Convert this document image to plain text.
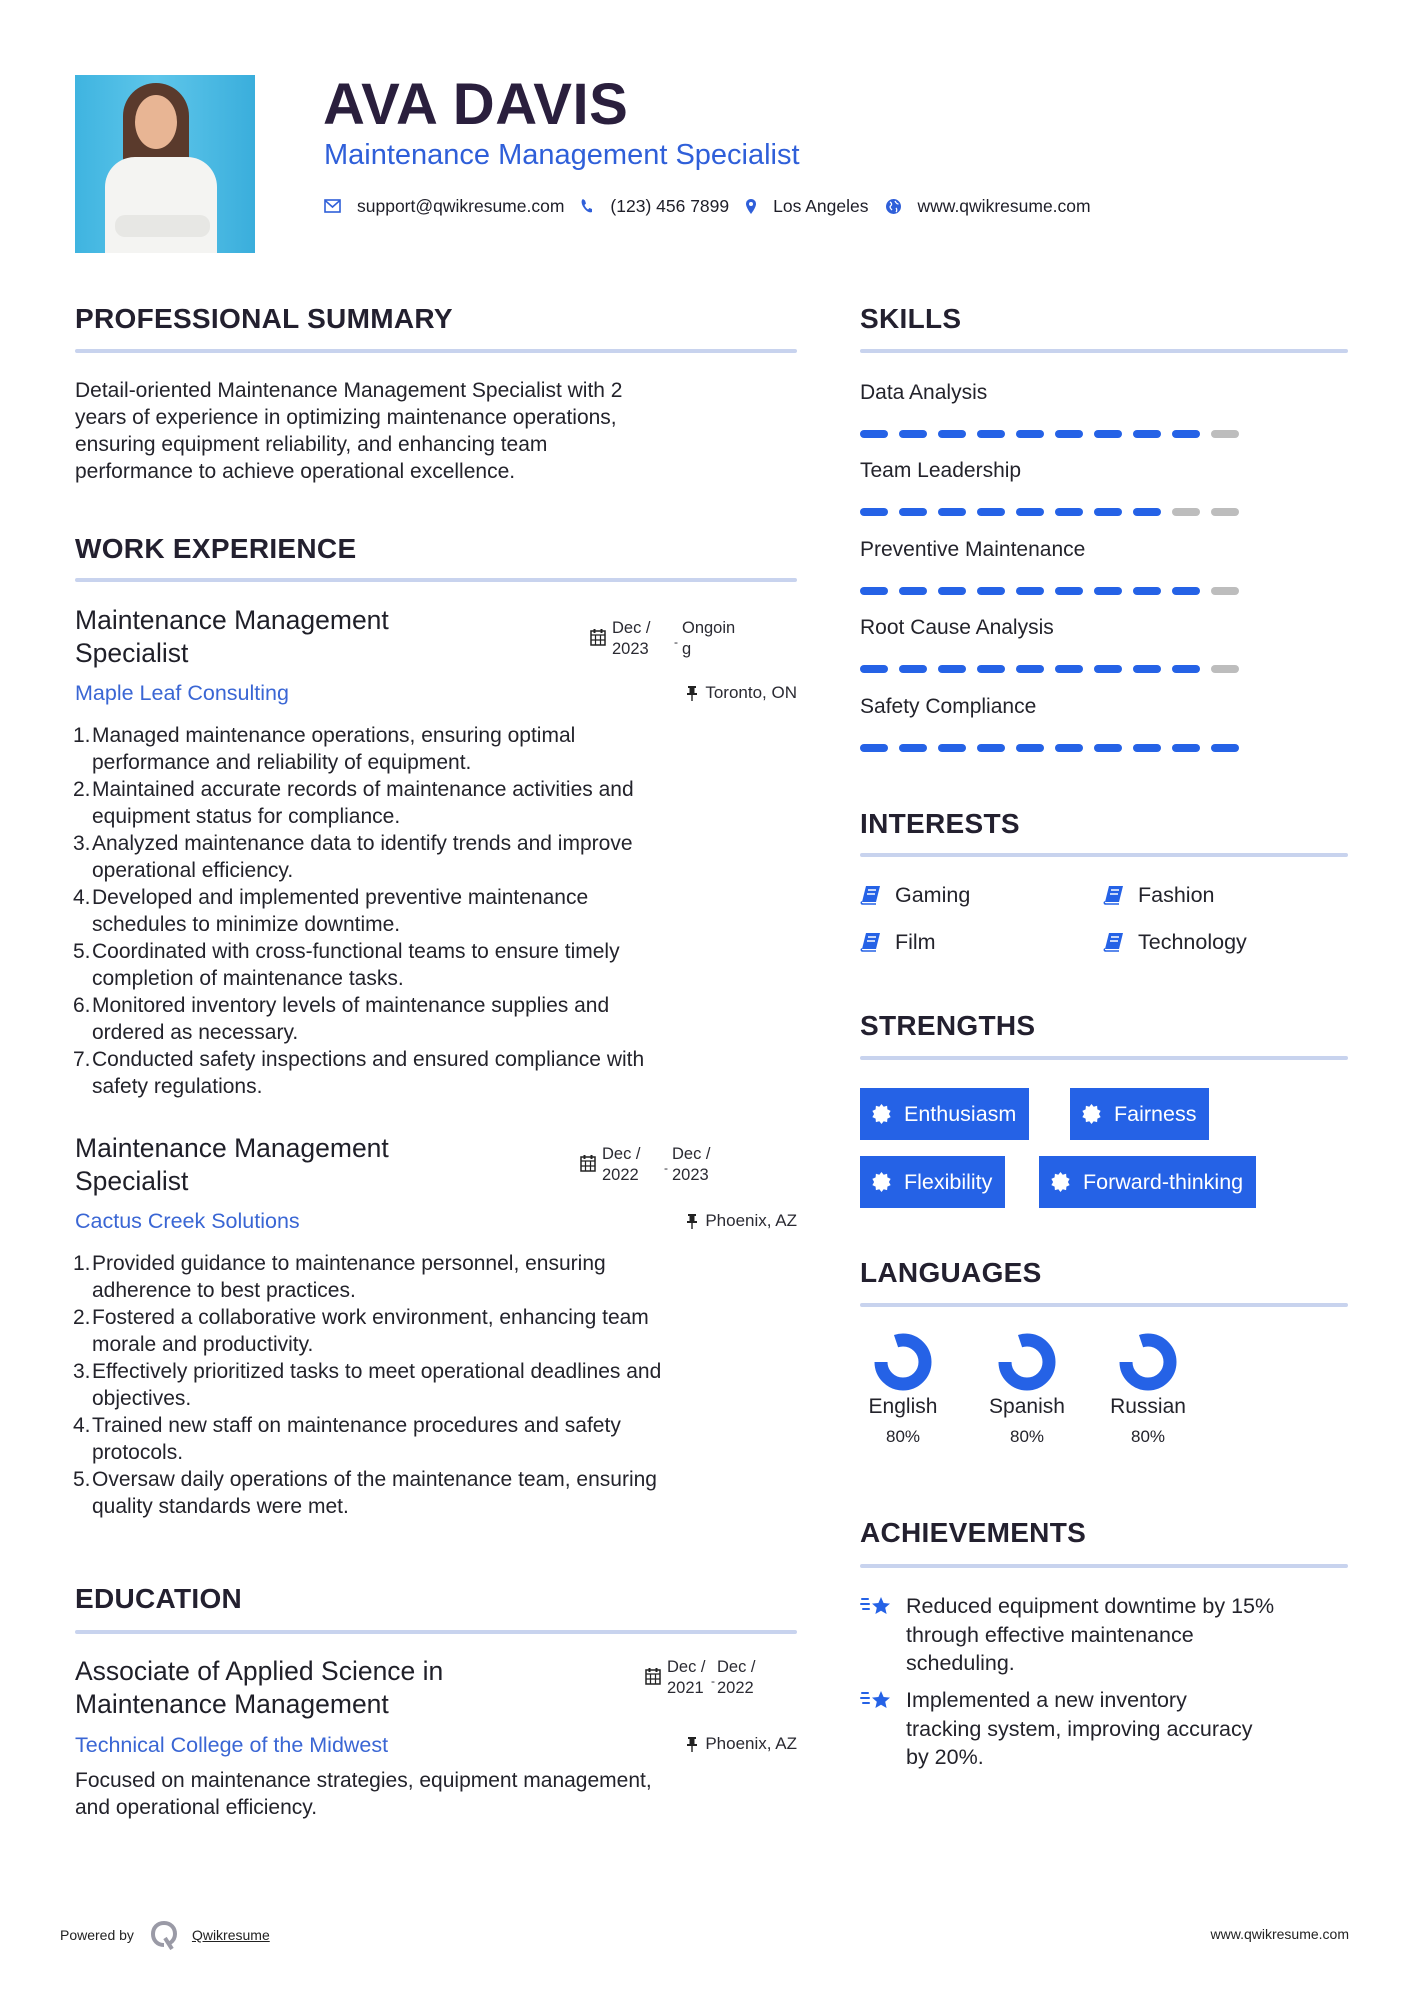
AVA DAVIS
Maintenance Management Specialist
support@qwikresume.com	(123) 456 7899	Los Angeles	www.qwikresume.com
PROFESSIONAL SUMMARY
Detail-oriented Maintenance Management Specialist with 2
years of experience in optimizing maintenance operations,
ensuring equipment reliability, and enhancing team
performance to achieve operational excellence.
WORK EXPERIENCE
Maintenance Management
Specialist
Dec /
2023	-
Ongoin
g
Maple Leaf Consulting	Toronto, ON
1. Managed maintenance operations, ensuring optimal
performance and reliability of equipment.
2. Maintained accurate records of maintenance activities and
equipment status for compliance.
3. Analyzed maintenance data to identify trends and improve
operational efficiency.
4. Developed and implemented preventive maintenance
schedules to minimize downtime.
5. Coordinated with cross-functional teams to ensure timely
completion of maintenance tasks.
6. Monitored inventory levels of maintenance supplies and
ordered as necessary.
7. Conducted safety inspections and ensured compliance with
safety regulations.
Maintenance Management
Specialist
Dec /
2022	-
Dec /
2023
Cactus Creek Solutions	Phoenix, AZ
1. Provided guidance to maintenance personnel, ensuring
adherence to best practices.
2. Fostered a collaborative work environment, enhancing team
morale and productivity.
3. Effectively prioritized tasks to meet operational deadlines and
objectives.
4. Trained new staff on maintenance procedures and safety
protocols.
5. Oversaw daily operations of the maintenance team, ensuring
quality standards were met.
EDUCATION
Associate of Applied Science in
Maintenance Management
Dec /
2021 -
Dec /
2022
Technical College of the Midwest	Phoenix, AZ
Focused on maintenance strategies, equipment management,
and operational efficiency.
SKILLS
Data Analysis
Team Leadership
Preventive Maintenance
Root Cause Analysis
Safety Compliance
INTERESTS
Gaming	Fashion
Film	Technology
STRENGTHS
Enthusiasm	Fairness
Flexibility	Forward-thinking
LANGUAGES
English
80%
Spanish
80%
Russian
80%
ACHIEVEMENTS
Reduced equipment downtime by 15%
through effective maintenance
scheduling.
Implemented a new inventory
tracking system, improving accuracy
by 20%.
Powered by	Qwikresume	www.qwikresume.com
